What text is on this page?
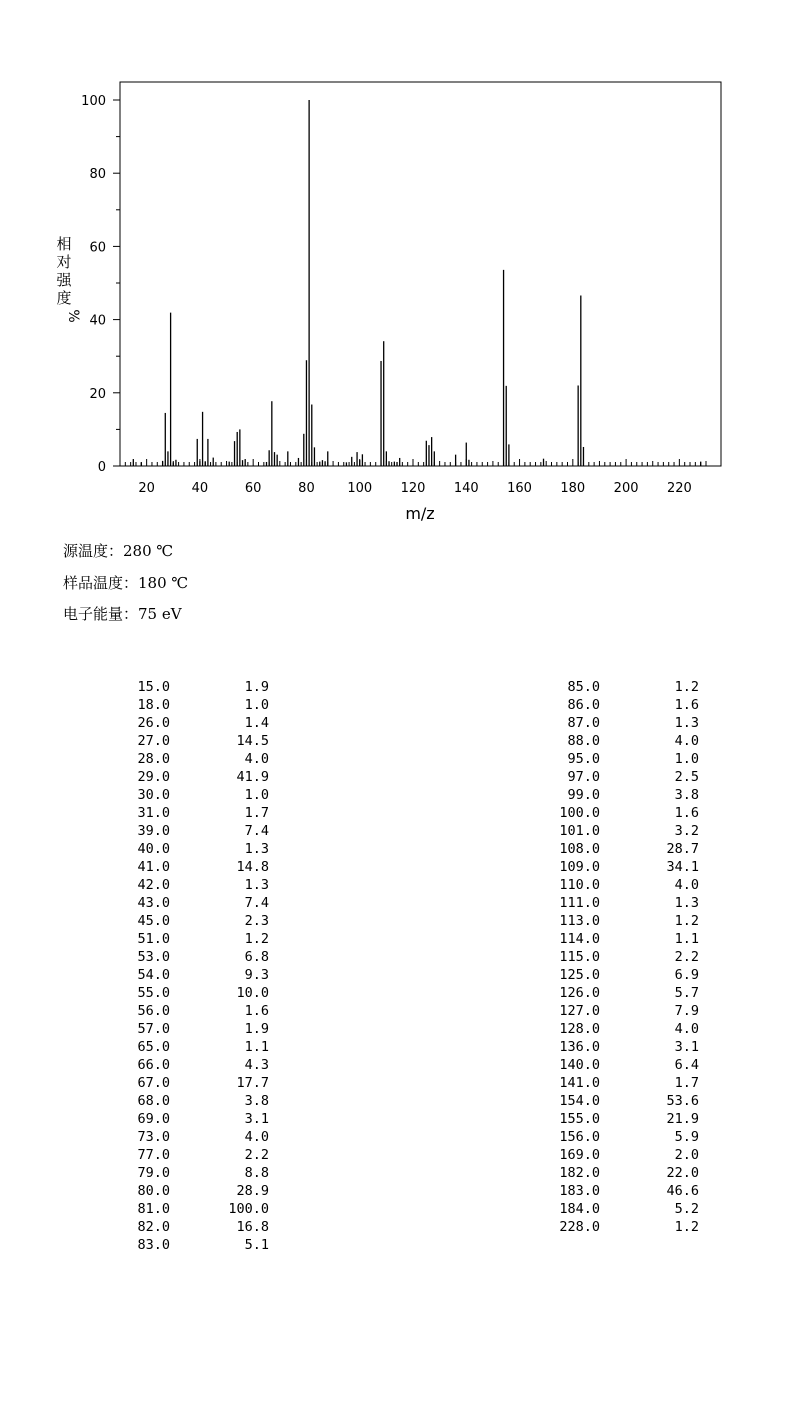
0
20
40
60
80
100
20	40	60	80	100 120 140 160 180 200 220
m/z
相
对
强
度
%
源温度：280 ℃
样品温度：180 ℃
电子能量：75 eV
15.0	1.9
18.0	1.0
26.0	1.4
27.0	14.5
28.0	4.0
29.0	41.9
30.0	1.0
31.0	1.7
39.0	7.4
40.0	1.3
41.0	14.8
42.0	1.3
43.0	7.4
45.0	2.3
51.0	1.2
53.0	6.8
54.0	9.3
55.0	10.0
56.0	1.6
57.0	1.9
65.0	1.1
66.0	4.3
67.0	17.7
68.0	3.8
69.0	3.1
73.0	4.0
77.0	2.2
79.0	8.8
80.0	28.9
81.0	100.0
82.0	16.8
83.0	5.1
85.0	1.2
86.0	1.6
87.0	1.3
88.0	4.0
95.0	1.0
97.0	2.5
99.0	3.8
100.0	1.6
101.0	3.2
108.0	28.7
109.0	34.1
110.0	4.0
111.0	1.3
113.0	1.2
114.0	1.1
115.0	2.2
125.0	6.9
126.0	5.7
127.0	7.9
128.0	4.0
136.0	3.1
140.0	6.4
141.0	1.7
154.0	53.6
155.0	21.9
156.0	5.9
169.0	2.0
182.0	22.0
183.0	46.6
184.0	5.2
228.0	1.2
